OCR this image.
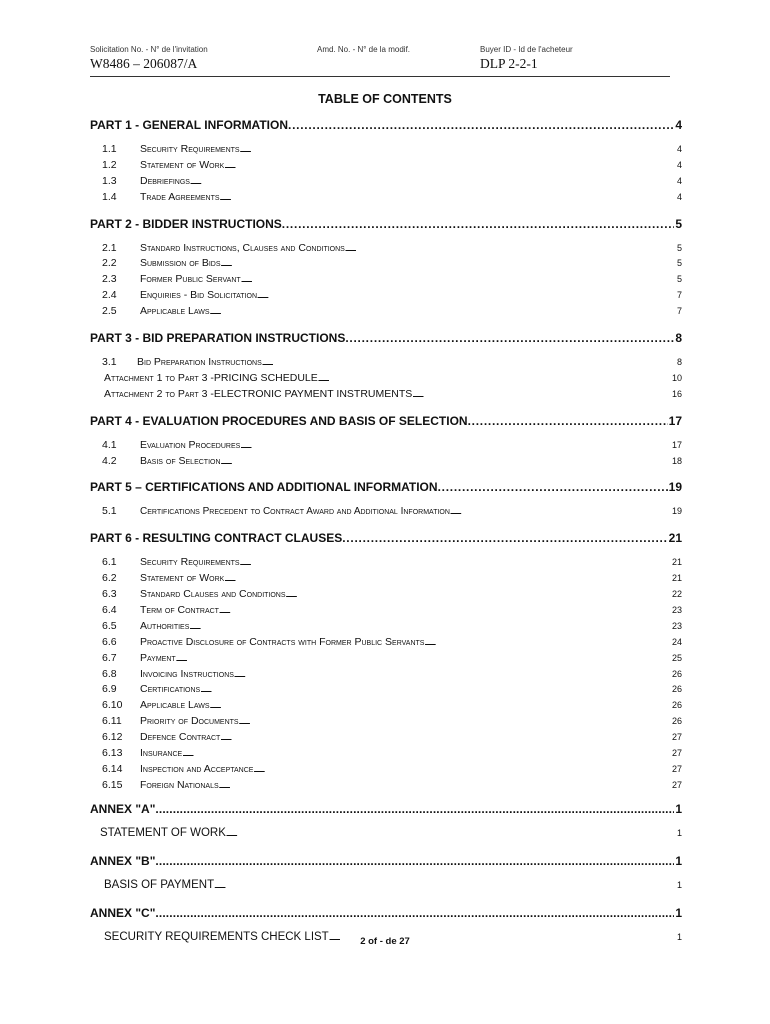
Solicitation No. - N° de l'invitation
W8486 – 206087/A
Amd. No. - N° de la modif.	Buyer ID - Id de l'acheteur
DLP 2-2-1
TABLE OF CONTENTS
PART 1 - GENERAL INFORMATION . . .	4
1.1	Security Requirements . . .	4
1.2	Statement of Work . . .	4
1.3	Debriefings . . .	4
1.4	Trade Agreements . . .	4
PART 2 - BIDDER INSTRUCTIONS . . .	5
2.1	Standard Instructions, Clauses and Conditions . . .	5
2.2	Submission of Bids . . .	5
2.3	Former Public Servant . . .	5
2.4	Enquiries - Bid Solicitation . . .	7
2.5	Applicable Laws . . .	7
PART 3 - BID PREPARATION INSTRUCTIONS . . .	8
3.1	Bid Preparation Instructions . . .	8
Attachment 1 to Part 3 - PRICING SCHEDULE . . .	10
Attachment 2 to Part 3 - ELECTRONIC PAYMENT INSTRUMENTS . . .	16
PART 4 - EVALUATION PROCEDURES AND BASIS OF SELECTION . . .	17
4.1	Evaluation Procedures . . .	17
4.2	Basis of Selection . . .	18
PART 5 – CERTIFICATIONS AND ADDITIONAL INFORMATION . . .	19
5.1	Certifications Precedent to Contract Award and Additional Information . . .	19
PART 6 - RESULTING CONTRACT CLAUSES . . .	21
6.1	Security Requirements . . .	21
6.2	Statement of Work . . .	21
6.3	Standard Clauses and Conditions . . .	22
6.4	Term of Contract . . .	23
6.5	Authorities . . .	23
6.6	Proactive Disclosure of Contracts with Former Public Servants . . .	24
6.7	Payment . . .	25
6.8	Invoicing Instructions . . .	26
6.9	Certifications . . .	26
6.10	Applicable Laws . . .	26
6.11	Priority of Documents . . .	26
6.12	Defence Contract . . .	27
6.13	Insurance . . .	27
6.14	Inspection and Acceptance . . .	27
6.15	Foreign Nationals . . .	27
ANNEX "A" . . .	1
STATEMENT OF WORK . . .	1
ANNEX "B" . . .	1
BASIS OF PAYMENT . . .	1
ANNEX "C" . . .	1
SECURITY REQUIREMENTS CHECK LIST . . .	1
2 of - de 27
